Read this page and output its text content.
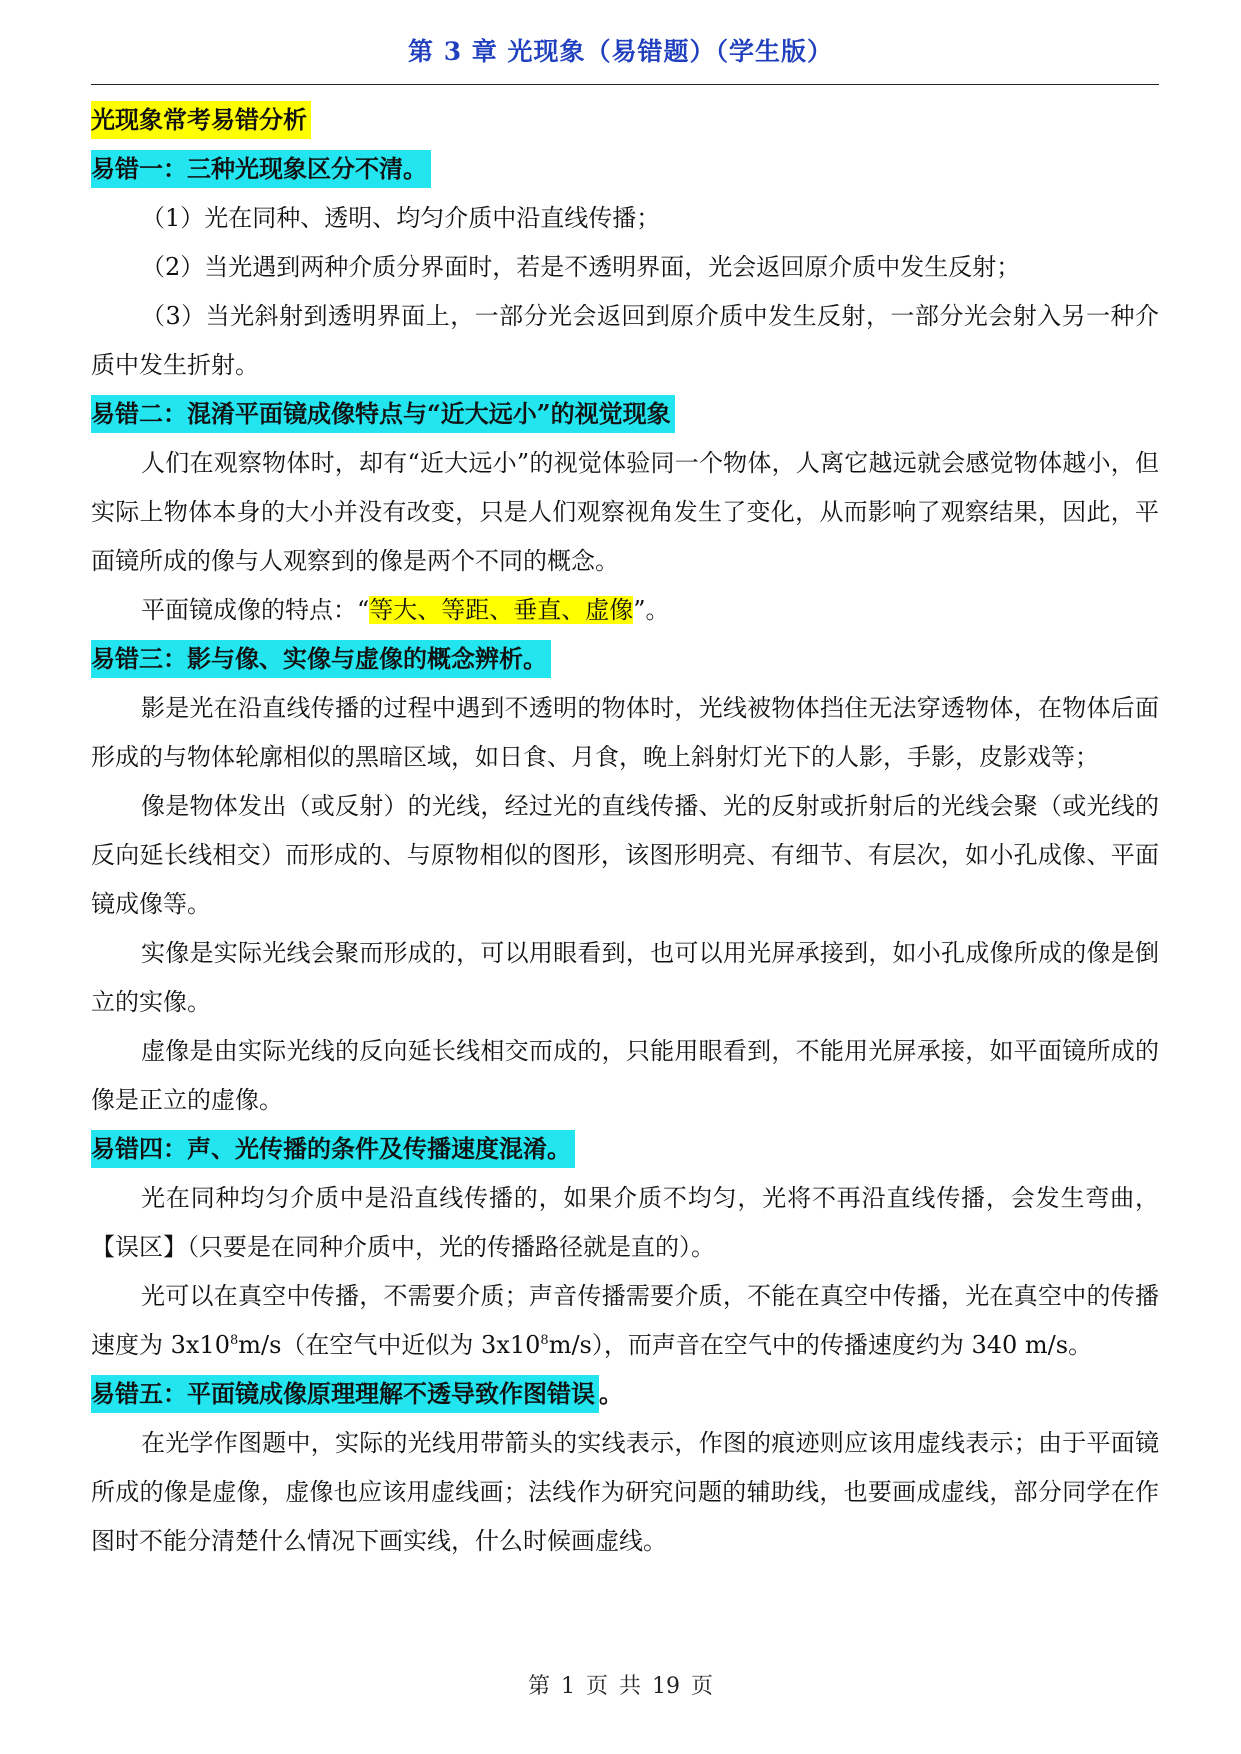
第 3 章 光现象（易错题）（学生版）
光现象常考易错分析
易错一：三种光现象区分不清。
（1）光在同种、透明、均匀介质中沿直线传播；
（2）当光遇到两种介质分界面时，若是不透明界面，光会返回原介质中发生反射；

（3）当光斜射到透明界面上，一部分光会返回到原介质中发生反射，一部分光会射入另一种介质中发生折射。

易错二：混淆平面镜成像特点与“近大远小”的视觉现象

人们在观察物体时，却有“近大远小”的视觉体验同一个物体，人离它越远就会感觉物体越小，但实际上物体本身的大小并没有改变，只是人们观察视角发生了变化，从而影响了观察结果，因此，平面镜所成的像与人观察到的像是两个不同的概念。

平面镜成像的特点：“等大、等距、垂直、虚像”。

易错三：影与像、实像与虚像的概念辨析。

影是光在沿直线传播的过程中遇到不透明的物体时，光线被物体挡住无法穿透物体，在物体后面形成的与物体轮廓相似的黑暗区域，如日食、月食，晚上斜射灯光下的人影，手影，皮影戏等；

像是物体发出（或反射）的光线，经过光的直线传播、光的反射或折射后的光线会聚（或光线的反向延长线相交）而形成的、与原物相似的图形，该图形明亮、有细节、有层次，如小孔成像、平面镜成像等。

实像是实际光线会聚而形成的，可以用眼看到，也可以用光屏承接到，如小孔成像所成的像是倒立的实像。

虚像是由实际光线的反向延长线相交而成的，只能用眼看到，不能用光屏承接，如平面镜所成的像是正立的虚像。

易错四：声、光传播的条件及传播速度混淆。

光在同种均匀介质中是沿直线传播的，如果介质不均匀，光将不再沿直线传播，会发生弯曲，【误区】（只要是在同种介质中，光的传播路径就是直的）。

光可以在真空中传播，不需要介质；声音传播需要介质，不能在真空中传播，光在真空中的传播速度为 $3x10^8m/s$（在空气中近似为 $3x10^8m/s$），而声音在空气中的传播速度约为 340 m/s。

易错五：平面镜成像原理理解不透导致作图错误 。

在光学作图题中，实际的光线用带箭头的实线表示，作图的痕迹则应该用虚线表示；由于平面镜所成的像是虚像，虚像也应该用虚线画；法线作为研究问题的辅助线，也要画成虚线，部分同学在作图时不能分清楚什么情况下画实线，什么时候画虚线。

第 1 页 共 19 页
